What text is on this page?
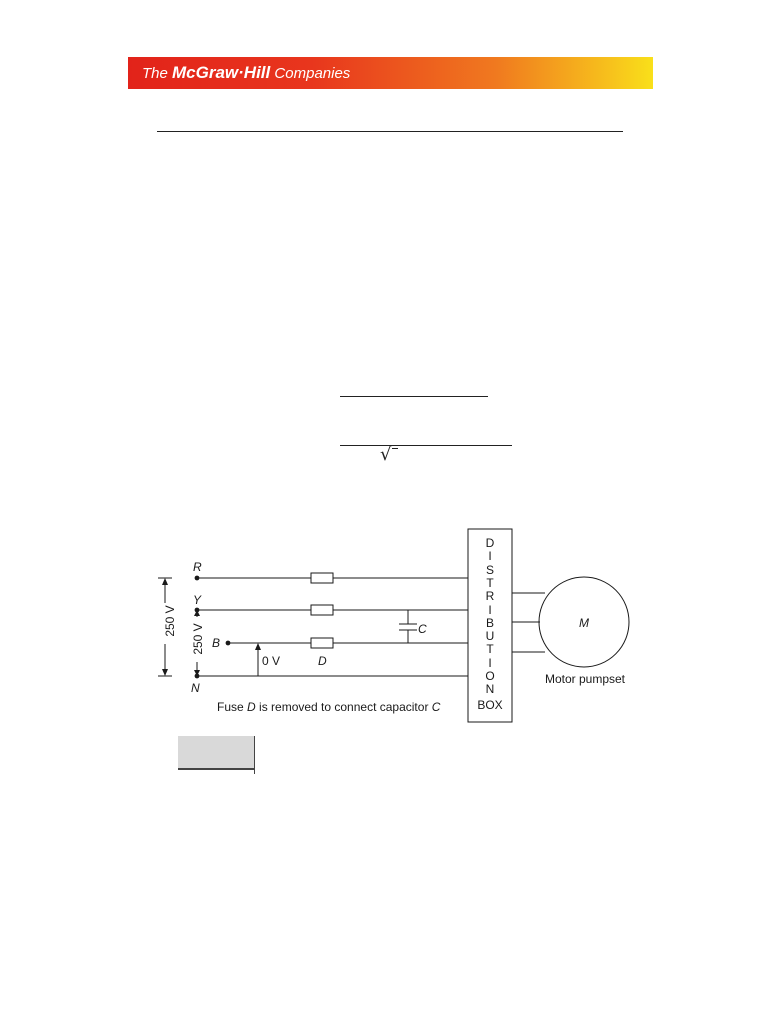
The McGraw·Hill Companies
√
R
Y
B
N
C
D
0 V
250 V
250 V
D
I
S
T
R
I
B
U
T
I
O
N
BOX
M
Motor pumpset
Fuse D is removed to connect capacitor C
